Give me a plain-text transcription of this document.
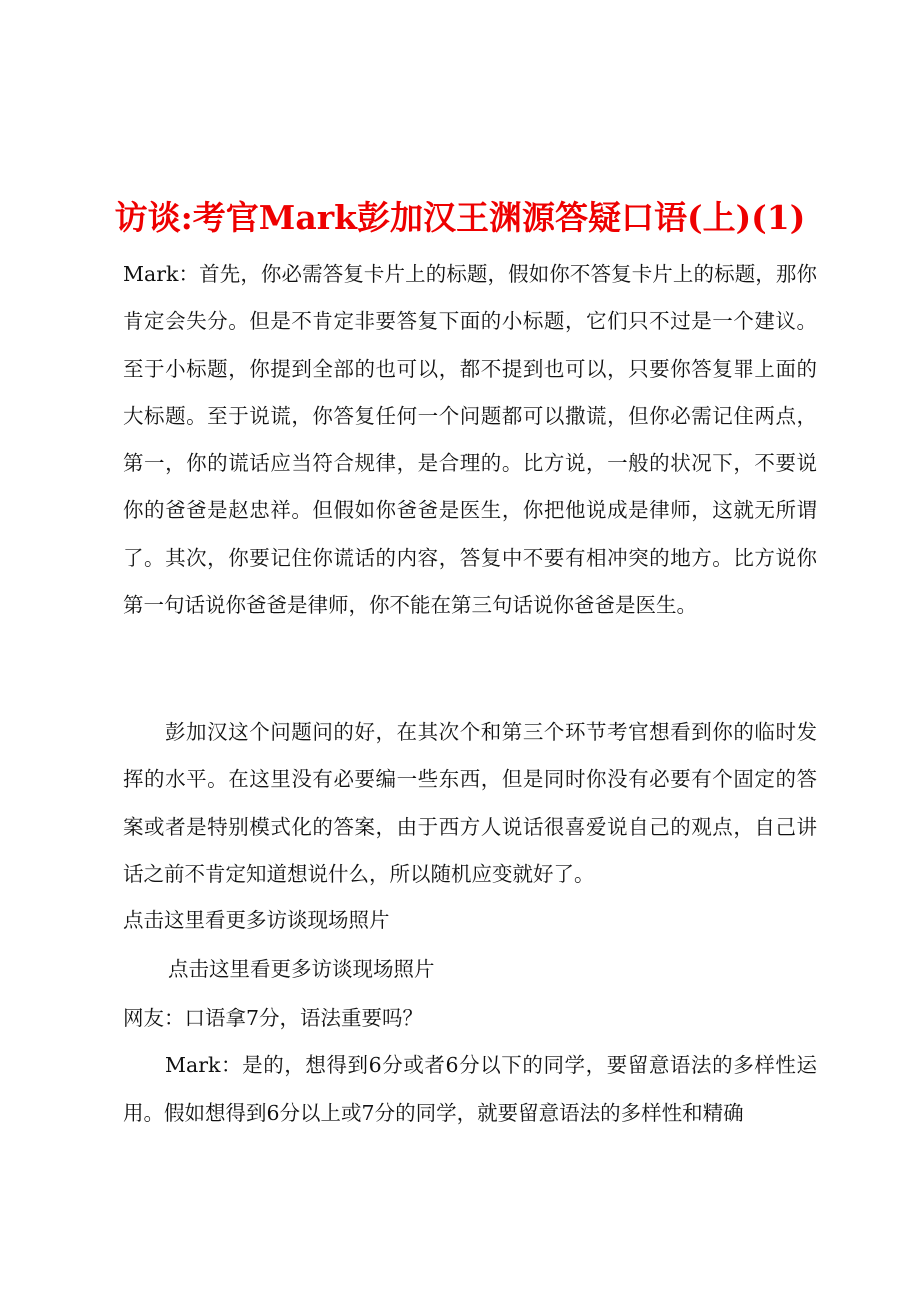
访谈:考官Mark彭加汉王渊源答疑口语(上)(1)

Mark：首先，你必需答复卡片上的标题，假如你不答复卡片上的标题，那你肯定会失分。但是不肯定非要答复下面的小标题，它们只不过是一个建议。至于小标题，你提到全部的也可以，都不提到也可以，只要你答复罪上面的大标题。至于说谎，你答复任何一个问题都可以撒谎，但你必需记住两点，第一，你的谎话应当符合规律，是合理的。比方说，一般的状况下，不要说你的爸爸是赵忠祥。但假如你爸爸是医生，你把他说成是律师，这就无所谓了。其次，你要记住你谎话的内容，答复中不要有相冲突的地方。比方说你第一句话说你爸爸是律师，你不能在第三句话说你爸爸是医生。

彭加汉这个问题问的好，在其次个和第三个环节考官想看到你的临时发挥的水平。在这里没有必要编一些东西，但是同时你没有必要有个固定的答案或者是特别模式化的答案，由于西方人说话很喜爱说自己的观点，自己讲话之前不肯定知道想说什么，所以随机应变就好了。

点击这里看更多访谈现场照片
点击这里看更多访谈现场照片

网友：口语拿7分，语法重要吗？

Mark：是的，想得到6分或者6分以下的同学，要留意语法的多样性运用。假如想得到6分以上或7分的同学，就要留意语法的多样性和精确
